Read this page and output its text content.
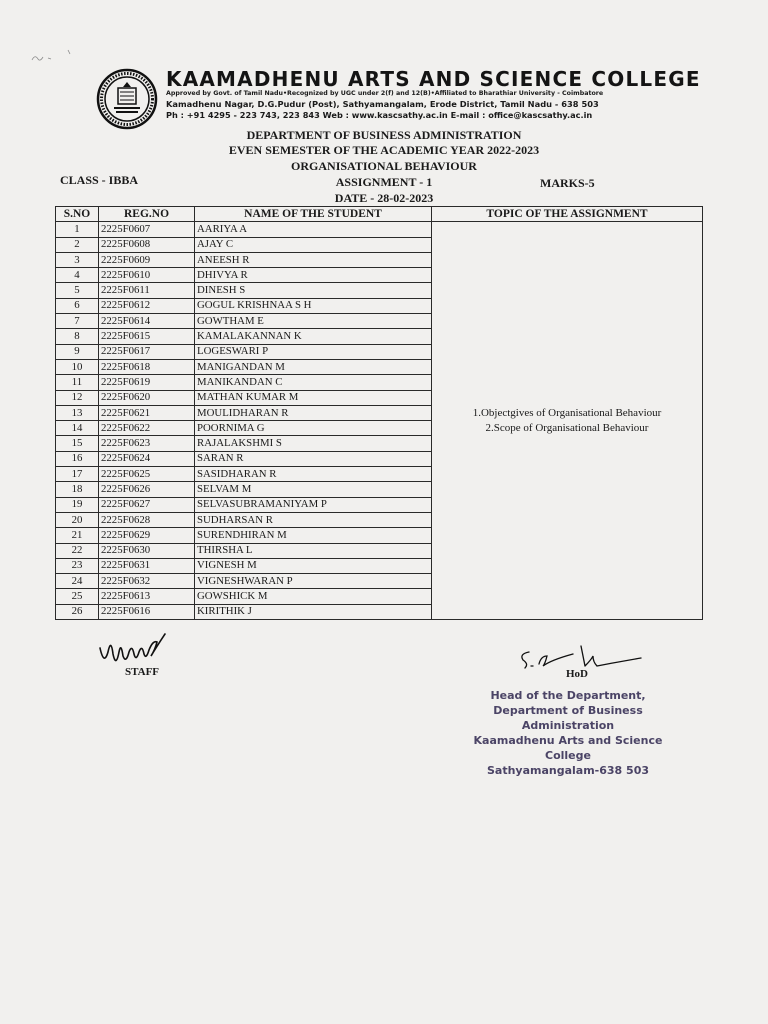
KAAMADHENU ARTS AND SCIENCE COLLEGE
Approved by Govt. of Tamil Nadu•Recognized by UGC under 2(f) and 12(B)•Affiliated to Bharathiar University - Coimbatore
Kamadhenu Nagar, D.G.Pudur (Post), Sathyamangalam, Erode District, Tamil Nadu - 638 503
Ph : +91 4295 - 223 743, 223 843 Web : www.kascsathy.ac.in E-mail : office@kascsathy.ac.in
DEPARTMENT OF BUSINESS ADMINISTRATION
EVEN SEMESTER OF THE ACADEMIC YEAR 2022-2023
ORGANISATIONAL BEHAVIOUR
ASSIGNMENT - 1
DATE - 28-02-2023
CLASS - IBBA	MARKS-5
S.NO	REG.NO	NAME OF THE STUDENT	TOPIC OF THE ASSIGNMENT
1	2225F0607	AARIYA A	1.Objectgives of Organisational Behaviour
2.Scope of Organisational Behaviour

2	2225F0608	AJAY C	
3	2225F0609	ANEESH R	
4	2225F0610	DHIVYA R	
5	2225F0611	DINESH S	
6	2225F0612	GOGUL KRISHNAA S H	
7	2225F0614	GOWTHAM E	
8	2225F0615	KAMALAKANNAN K	
9	2225F0617	LOGESWARI P	
10	2225F0618	MANIGANDAN M	
11	2225F0619	MANIKANDAN C	
12	2225F0620	MATHAN KUMAR M	
13	2225F0621	MOULIDHARAN R	
14	2225F0622	POORNIMA G	
15	2225F0623	RAJALAKSHMI S	
16	2225F0624	SARAN R	
17	2225F0625	SASIDHARAN R	
18	2225F0626	SELVAM M	
19	2225F0627	SELVASUBRAMANIYAM P	
20	2225F0628	SUDHARSAN R	
21	2225F0629	SURENDHIRAN M	
22	2225F0630	THIRSHA L	
23	2225F0631	VIGNESH M	
24	2225F0632	VIGNESHWARAN P	
25	2225F0613	GOWSHICK M	
26	2225F0616	KIRITHIK J	
STAFF	HoD
Head of the Department,
Department of Business Administration
Kaamadhenu Arts and Science College
Sathyamangalam-638 503
